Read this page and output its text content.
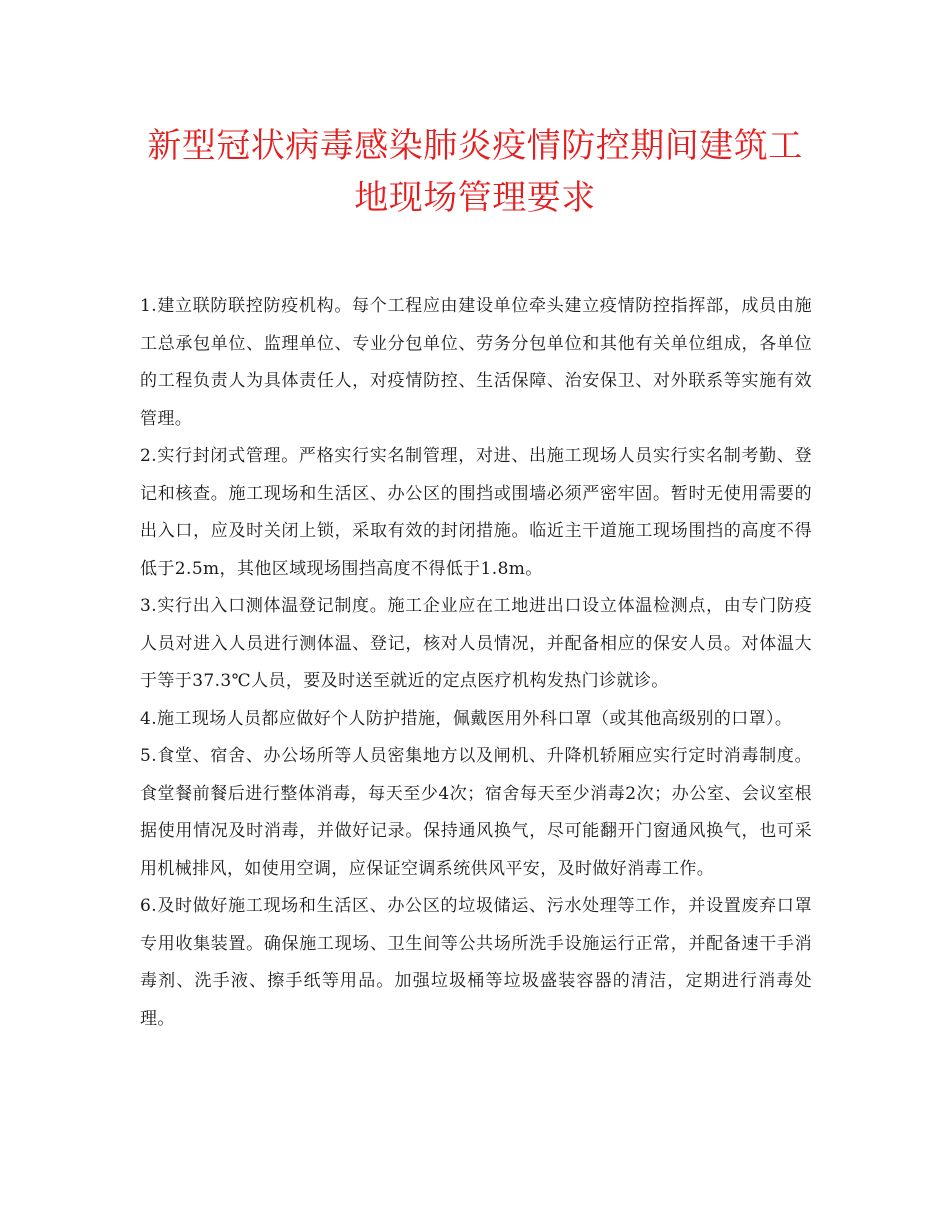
新型冠状病毒感染肺炎疫情防控期间建筑工地现场管理要求

1.建立联防联控防疫机构。每个工程应由建设单位牵头建立疫情防控指挥部，成员由施工总承包单位、监理单位、专业分包单位、劳务分包单位和其他有关单位组成，各单位的工程负责人为具体责任人，对疫情防控、生活保障、治安保卫、对外联系等实施有效管理。

2.实行封闭式管理。严格实行实名制管理，对进、出施工现场人员实行实名制考勤、登记和核查。施工现场和生活区、办公区的围挡或围墙必须严密牢固。暂时无使用需要的出入口，应及时关闭上锁，采取有效的封闭措施。临近主干道施工现场围挡的高度不得低于2.5m，其他区域现场围挡高度不得低于1.8m。

3.实行出入口测体温登记制度。施工企业应在工地进出口设立体温检测点，由专门防疫人员对进入人员进行测体温、登记，核对人员情况，并配备相应的保安人员。对体温大于等于37.3℃人员，要及时送至就近的定点医疗机构发热门诊就诊。

4.施工现场人员都应做好个人防护措施，佩戴医用外科口罩（或其他高级别的口罩）。

5.食堂、宿舍、办公场所等人员密集地方以及闸机、升降机轿厢应实行定时消毒制度。食堂餐前餐后进行整体消毒，每天至少4次；宿舍每天至少消毒2次；办公室、会议室根据使用情况及时消毒，并做好记录。保持通风换气，尽可能翻开门窗通风换气，也可采用机械排风，如使用空调，应保证空调系统供风平安，及时做好消毒工作。

6.及时做好施工现场和生活区、办公区的垃圾储运、污水处理等工作，并设置废弃口罩专用收集装置。确保施工现场、卫生间等公共场所洗手设施运行正常，并配备速干手消毒剂、洗手液、擦手纸等用品。加强垃圾桶等垃圾盛装容器的清洁，定期进行消毒处理。
